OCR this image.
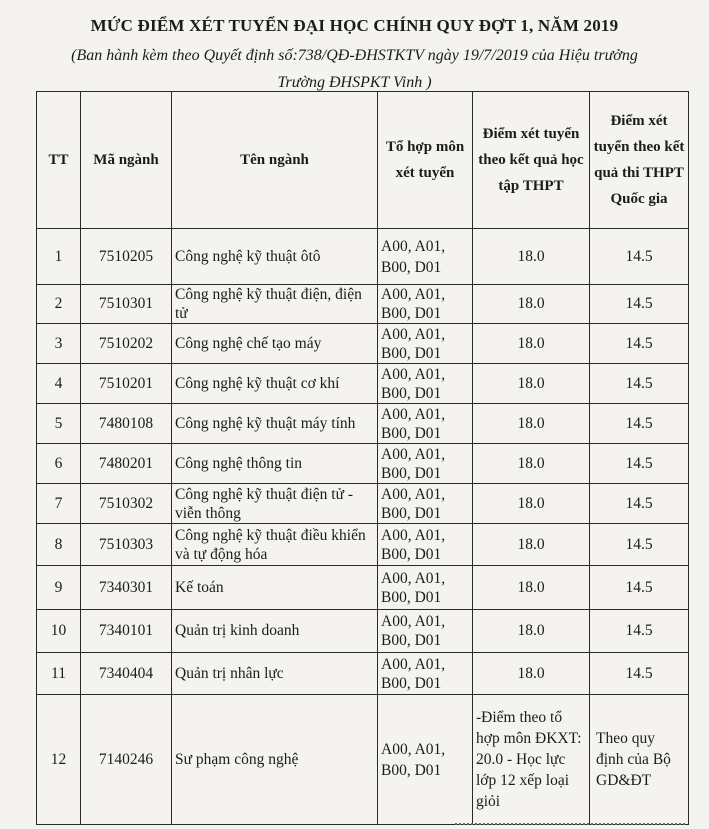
MỨC ĐIỂM XÉT TUYỂN ĐẠI HỌC CHÍNH QUY ĐỢT 1, NĂM 2019
(Ban hành kèm theo Quyết định số:738/QĐ-ĐHSTKTV ngày 19/7/2019 của Hiệu trưởng
Trường ĐHSPKT Vinh )
TT	Mã ngành	Tên ngành	Tổ hợp môn xét tuyển	Điểm xét tuyển theo kết quả học tập THPT	Điểm xét tuyển theo kết quả thi THPT Quốc gia
1	7510205	Công nghệ kỹ thuật ôtô	A00, A01, B00, D01	18.0	14.5
2	7510301	Công nghệ kỹ thuật điện, điện tử	A00, A01, B00, D01	18.0	14.5
3	7510202	Công nghệ chế tạo máy	A00, A01, B00, D01	18.0	14.5
4	7510201	Công nghệ kỹ thuật cơ khí	A00, A01, B00, D01	18.0	14.5
5	7480108	Công nghệ kỹ thuật máy tính	A00, A01, B00, D01	18.0	14.5
6	7480201	Công nghệ thông tin	A00, A01, B00, D01	18.0	14.5
7	7510302	Công nghệ kỹ thuật điện tử - viễn thông	A00, A01, B00, D01	18.0	14.5
8	7510303	Công nghệ kỹ thuật điều khiển và tự động hóa	A00, A01, B00, D01	18.0	14.5
9	7340301	Kế toán	A00, A01, B00, D01	18.0	14.5
10	7340101	Quản trị kinh doanh	A00, A01, B00, D01	18.0	14.5
11	7340404	Quản trị nhân lực	A00, A01, B00, D01	18.0	14.5
12	7140246	Sư phạm công nghệ	A00, A01, B00, D01	-Điểm theo tổ hợp môn ĐKXT: 20.0 - Học lực lớp 12 xếp loại giỏi	Theo quy định của Bộ GD&ĐT
